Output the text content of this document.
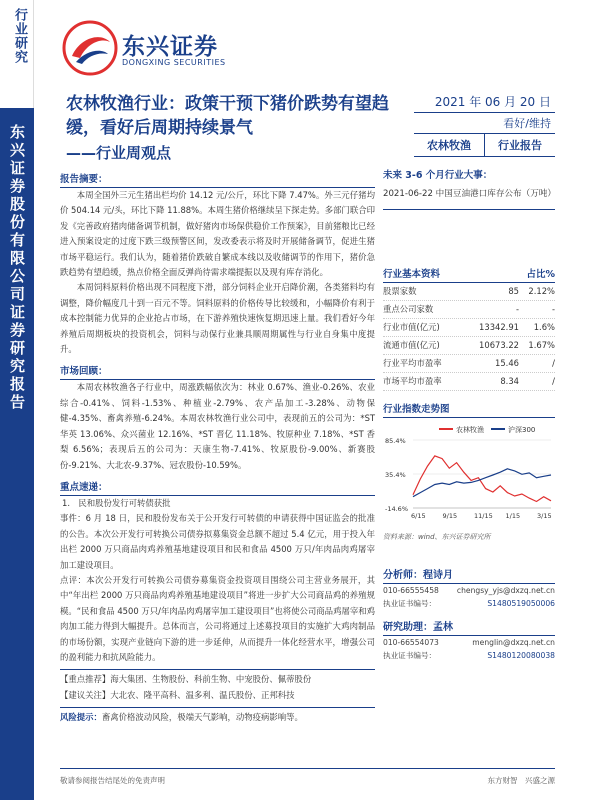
行业研究
东兴证券股份有限公司证券研究报告
东兴证券
DONGXING SECURITIES
农林牧渔行业：政策干预下猪价跌势有望趋缓，看好后周期持续景气
——行业周观点
2021 年 06 月 20 日
看好/维持
农林牧渔	行业报告
报告摘要：

本周全国外三元生猪出栏均价 14.12 元/公斤，环比下降 7.47%。外三元仔猪均价 504.14 元/头，环比下降 11.88%。本周生猪价格继续呈下探走势。多部门联合印发《完善政府猪肉储备调节机制，做好猪肉市场保供稳价工作预案》，目前猪粮比已经进入预案设定的过度下跌三级预警区间，发改委表示将及时开展储备调节，促进生猪市场平稳运行。我们认为，随着猪价跌破自繁成本线以及收储调节的作用下，猪价急跌趋势有望趋缓，热点价格全面反弹尚待需求端提振以及现有库存消化。

本周饲料原料价格出现不同程度下滑，部分饲料企业开启降价潮，各类猪料均有调整，降价幅度几十到一百元不等。饲料原料的价格传导比较缓和，小幅降价有利于成本控制能力优异的企业抢占市场，在下游养殖快速恢复期迅速上量。我们看好今年养殖后周期板块的投资机会，饲料与动保行业兼具顺周期属性与行业自身集中度提升。

市场回顾：

本周农林牧渔各子行业中，周涨跌幅依次为：林业 0.67%、渔业-0.26%、农业综合-0.41%、饲料-1.53%、种植业-2.79%、农产品加工-3.28%、动物保健-4.35%、畜禽养殖-6.24%。本周农林牧渔行业公司中，表现前五的公司为：*ST 华英 13.06%、众兴菌业 12.16%、*ST 晋亿 11.18%、牧原种业 7.18%、*ST 香梨 6.56%；表现后五的公司为：天康生物-7.41%、牧原股份-9.00%、新赛股份-9.21%、大北农-9.37%、冠农股份-10.59%。

重点速递：
1.　民和股份发行可转债获批

事件：6 月 18 日，民和股份发布关于公开发行可转债的申请获得中国证监会的批准的公告。本次公开发行可转换公司债券拟募集资金总额不超过 5.4 亿元，用于投入年出栏 2000 万只商品肉鸡养殖基地建设项目和民和食品 4500 万只/年肉品肉鸡屠宰加工建设项目。

点评：本次公开发行可转换公司债券募集资金投资项目围绕公司主营业务展开，其中“年出栏 2000 万只商品肉鸡养殖基地建设项目”将进一步扩大公司商品鸡的养殖规模。“民和食品 4500 万只/年肉品肉鸡屠宰加工建设项目”也将使公司商品鸡屠宰和鸡肉加工能力得到大幅提升。总体而言，公司将通过上述募投项目的实施扩大鸡肉制品的市场份额，实现产业链向下游的进一步延伸，从而提升一体化经营水平，增强公司的盈利能力和抗风险能力。

【重点推荐】海大集团、生物股份、科前生物、中宠股份、佩蒂股份

【建议关注】大北农、隆平高科、温多利、温氏股份、正邦科技

风险提示：畜禽价格波动风险，极端天气影响，动物疫病影响等。

未来 3-6 个月行业大事：
2021-06-22 中国豆油港口库存公布（万吨）
行业基本资料	占比%
股票家数	85	2.12%
重点公司家数	-	-
行业市值(亿元)	13342.91	1.6%
流通市值(亿元)	10673.22	1.67%
行业平均市盈率	15.46	/
市场平均市盈率	8.34	/
行业指数走势图
农林牧渔	沪深300
85.4%
35.4%
-14.6%
6/15	9/15	11/15 1/15	3/15
资料来源：wind、东兴证券研究所
分析师：程诗月
010-66555458 chengsy_yjs@dxzq.net.cn
执业证书编号：	S1480519050006
研究助理：孟林
010-66554073	menglin@dxzq.net.cn
执业证书编号：	S1480120080038
敬请参阅报告结尾处的免责声明	东方财智　兴盛之源
